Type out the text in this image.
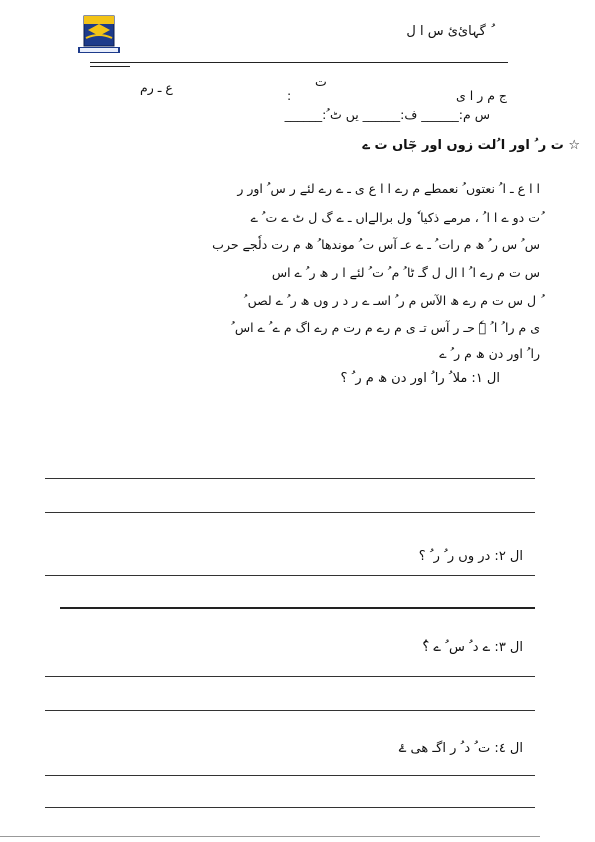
ُ گہائ‌یٔ س ا ل
ج م ر ا ی
ع ـ رم
:
ت
س م:______ ف:______ یں ٹ ُ:______
☆ ت ر ُ اور ا ُلت زوں اور جٓاں ت ے
ا ا ع ـ ا ُ نعتوں ُ نعمطے م رے ا ا ع ی ـ ے رے لئے ر س ُ اور ر
ُت دو ے ا ا ُ ، مرمے ذکیا ٗ ول برالےاں ـ ے گ ل ٹ ے ت ُ ے
س ُ س ر ُ ھ م رات ُ ـ ے عـ آس ت ُ موندھا ُ ھ م رت دلٗجے حرب
س ت م رے ا ُ ا ال ل گـ ٹا ُ م ُ ت ُ لئے ا ر ھ ر ُ ے اس
ُ ل س ت م رے ھ الآس م ر ُ اسـ ے ر د ر وں ھ ر ُ ے لصں ُ
ی م را ُ ا ُ ےٗ حـ ر آس تـ ی م رے م رت م رے اگ م ے ُ ے اس ُ
را ُ اور دن ھ م ر ُ ے
ال ١: ملا ُ را ُ اور دن ھ م ر ُ ؟
ال ٢: در وں ر ُ ر ُ ؟
ال ٣: ے د ُ س ُ ے ؟ُ
ال ٤: ت ُ د ُ ر اگـ ھی ۓ
